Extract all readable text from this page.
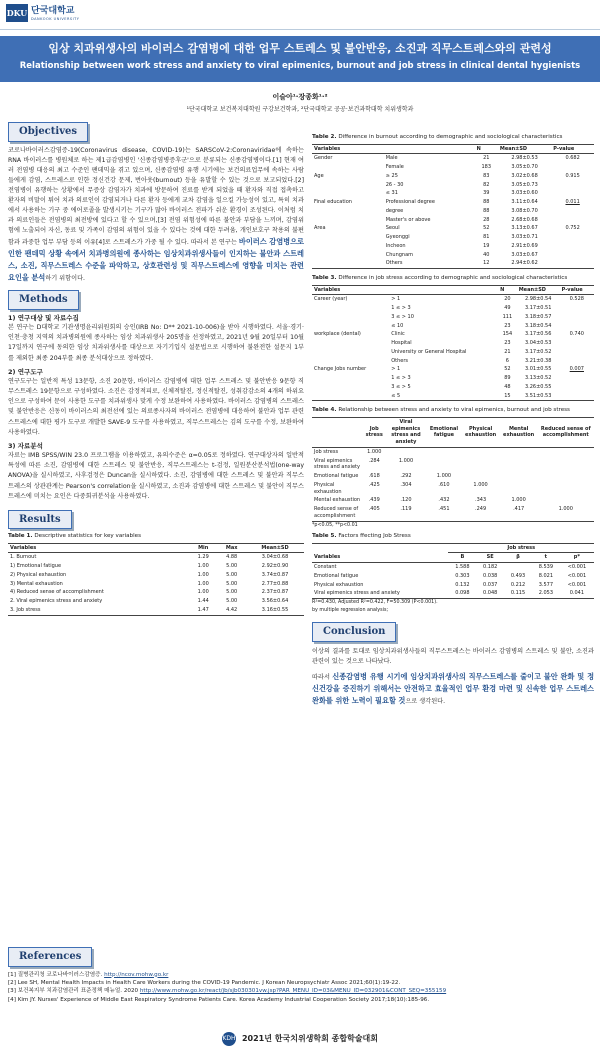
DKU 단국대학교
DANKOOK UNIVERSITY
임상 치과위생사의 바이러스 감염병에 대한 업무 스트레스 및 불안반응, 소진과 직무스트레스와의 관련성
Relationship between work stress and anxiety to viral epimenics, burnout and job stress in clinical dental hygienists
이슬아¹·장종화¹·²
¹단국대학교 보건복지대학원 구강보건학과, ²단국대학교 공공·보건과학대학 치위생학과
Objectives

코로나바이러스감염증-19(Coronavirus disease, COVID-19)는 SARSCoV-2:Coronaviridae에 속하는 RNA 바이러스를 병원체로 하는 제1급감염병인 '신종감염병증후군'으로 분류되는 신종감염병이다.[1] 현재 여러 전염병 대응의 최고 수준인 팬데믹을 겪고 있으며, 신종감염병 유행 시기에는 보건의료업무에 속하는 사람들에게 감염, 스트레스로 인한 정신건강 문제, 번아웃(burnout) 등을 유발할 수 있는 것으로 보고되었다.[2] 전염병이 유행하는 상황에서 무증상 감염자가 치과에 방문하여 진료를 받게 되었을 때 환자와 직접 접촉하고 환자의 비말이 튀어 치과 의료인이 감염되거나 다른 환자 등에게 교차 감염을 일으킬 가능성이 있고, 특히 치과에서 사용하는 기구 중 에어로졸을 발생시키는 기구가 많아 바이러스 전파가 쉬운 환경이 조성된다. 이처럼 치과 의료인들은 전염병의 최전방에 있다고 할 수 있으며,[3] 전염 위험성에 따른 불안과 부담을 느끼며, 감염위험에 노출되어 자신, 동료 및 가족이 감염의 위험이 있을 수 있다는 것에 대한 두려움, 개인보호구 착용의 불편함과 과중한 업무 부담 등의 이유[4]로 스트레스가 가중 될 수 있다. 따라서 본 연구는 바이러스 감염병으로 인한 팬데믹 상황 속에서 치과병의원에 종사하는 임상치과위생사들이 인지하는 불안과 스트레스, 소진, 직무스트레스 수준을 파악하고, 상호관련성 및 직무스트레스에 영향을 미치는 관련 요인을 분석하기 위함이다.

Methods
1) 연구대상 및 자료수집

본 연구는 D대학교 기관생명윤리위원회의 승인(IRB No: D** 2021-10-006)을 받아 시행하였다. 서울·경기·인천·충청 지역의 치과병의원에 종사하는 임상 치과위생사 205명을 선정하였고, 2021년 9월 20일부터 10월 17일까지 연구에 동의한 임상 치과위생사를 대상으로 자기기입식 설문법으로 시행하여 불완전한 설문지 1부를 제외한 최종 204부를 최종 분석대상으로 정하였다.

2) 연구도구

연구도구는 일반적 특성 13문항, 소진 20문항, 바이러스 감염병에 대한 업무 스트레스 및 불안반응 9문항 직무스트레스 19문항으로 구성하였다. 소진은 감정적피로, 신체적탈진, 정신적탈진, 성취감감소의 4개의 하위요인으로 구성하여 문이 사용한 도구를 치과위생사 맞게 수정 보완하여 사용하였다. 바이러스 감염병의 스트레스 및 불안반응은 신동이 바이러스의 최전선에 있는 의료종사자의 바이러스 전염병에 대응하여 불안과 업무 관련 스트레스에 대한 평가 도구로 개발한 SAVE-9 도구를 사용하였고, 직무스트레스는 김의 도구를 수정, 보완하여 사용하였다.

3) 자료분석

자료는 IMB SPSS/WIN 23.0 프로그램을 이용하였고, 유의수준은 α=0.05로 정하였다. 연구대상자의 일반적 특성에 따른 소진, 감염병에 대한 스트레스 및 불안반응, 직무스트레스는 t-검정, 일원분산분석법(one-way ANOVA)을 실시하였고, 사후검정은 Duncan을 실시하였다. 소진, 감염병에 대한 스트레스 및 불안과 직무스트레스의 상관관계는 Pearson's correlation을 실시하였고, 소진과 감염병에 대한 스트레스 및 불안이 직무스트레스에 미치는 요인은 다중회귀분석을 사용하였다.

Results
Table 1. Descriptive statistics for key variables
Variables	Min	Max	Mean±SD
1. Burnout	1.29	4.88	3.04±0.68
1) Emotional fatigue	1.00	5.00	2.92±0.90
2) Physical exhaustion	1.00	5.00	3.74±0.87
3) Mental exhaustion	1.00	5.00	2.77±0.88
4) Reduced sense of accomplishment	1.00	5.00	2.37±0.87
2. Viral epimenics stress and anxiety	1.44	5.00	3.56±0.64
3. Job stress	1.47	4.42	3.16±0.55
Table 2. Difference in burnout according to demographic and sociological characteristics
Variables		N	Mean±SD	P-value
Gender	Male	21	2.98±0.53	0.682
	Female	183	3.05±0.70	
Age	≥ 25	83	3.02±0.68	0.915
	26 - 30	82	3.05±0.73	
	≤ 31	39	3.03±0.60	
Final education	Professional degree	88	3.11±0.64	0.011
	degree	88	3.08±0.70	
	Master's or above	28	2.68±0.68	
Area	Seoul	52	3.13±0.67	0.752
	Gyeonggi	81	3.03±0.71	
	Incheon	19	2.91±0.69	
	Chungnam	40	3.03±0.67	
	Others	12	2.94±0.62	
Table 3. Difference in job stress according to demographic and sociological characteristics
Variables		N	Mean±SD	P-value
Career (year)	> 1	20	2.98±0.54	0.528
	1 ≤ > 3	49	3.17±0.51	
	3 ≤ > 10	111	3.18±0.57	
	≤ 10	23	3.18±0.54	
workplace (dental)	Clinic	154	3.17±0.56	0.740
	Hospital	23	3.04±0.53	
	University or General Hospital	21	3.17±0.52	
	Others	6	3.21±0.38	
Change Jobs number	> 1	52	3.01±0.55	0.007
	1 ≤ > 3	89	3.13±0.52	
	3 ≤ > 5	48	3.26±0.55	
	≤ 5	15	3.51±0.53	
Table 4. Relationship between stress and anxiety to viral epimenics, burnout and job stress
	Job stress	Viral epimenics stress and anxiety	Emotional fatigue	Physical exhaustion	Mental exhaustion	Reduced sense of accomplishment
Job stress	1.000					
Viral epimenics stress and anxiety	.284	1.000				
Emotional fatigue	.618	.292	1.000			
Physical exhaustion	.425	.304	.610	1.000		
Mental exhaustion	.439	.120	.432	.343	1.000	
Reduced sense of accomplishment	.405	.119	.451	.249	.417	1.000
*p<0.05, **p<0.01
Table 5. Factors ffecting Job Stress
	Job stress				
Variables	B	SE	β	t	p*
Constant	1.588	0.182		8.539	<0.001
Emotional fatigue	0.303	0.038	0.493	8.021	<0.001
Physical exhaustion	0.132	0.037	0.212	3.577	<0.001
Viral epimenics stress and anxiety	0.098	0.048	0.115	2.053	0.041
R²=0.430, Adjusted R²=0.422, F=50.309 (P<0.001).
by multiple regression analysis;
Conclusion

이상의 결과를 토대로 임상치과위생사들의 직무스트레스는 바이러스 감염병의 스트레스 및 불안, 소진과 관련이 있는 것으로 나타났다.

따라서 신종감염병 유행 시기에 임상치과위생사의 직무스트레스를 줄이고 불안 완화 및 정신건강을 증진하기 위해서는 안전하고 효율적인 업무 환경 마련 및 신속한 업무 스트레스 완화를 위한 노력이 필요할 것으로 생각된다.

References
[1] 질병관리청 코로나바이러스감염증. http://ncov.mohw.go.kr
[2] Lee SH, Mental Health Impacts in Health Care Workers during the COVID-19 Pandemic. J Korean Neuropsychiatr Assoc 2021;60(1):19-22.
[3] 보건복지부 치과감염관리 표준정책 매뉴얼. 2020 http://www.mohw.go.kr/react/jb/sjb030301vw.jsp?PAR_MENU_ID=03&MENU_ID=032901&CONT_SEQ=355159
[4] Kim JY. Nurses' Experience of Middle East Respiratory Syndrome Patients Care. Korea Academy Industrial Cooperation Society 2017;18(10):185-96.
KDH 2021년 한국치위생학회 종합학술대회
